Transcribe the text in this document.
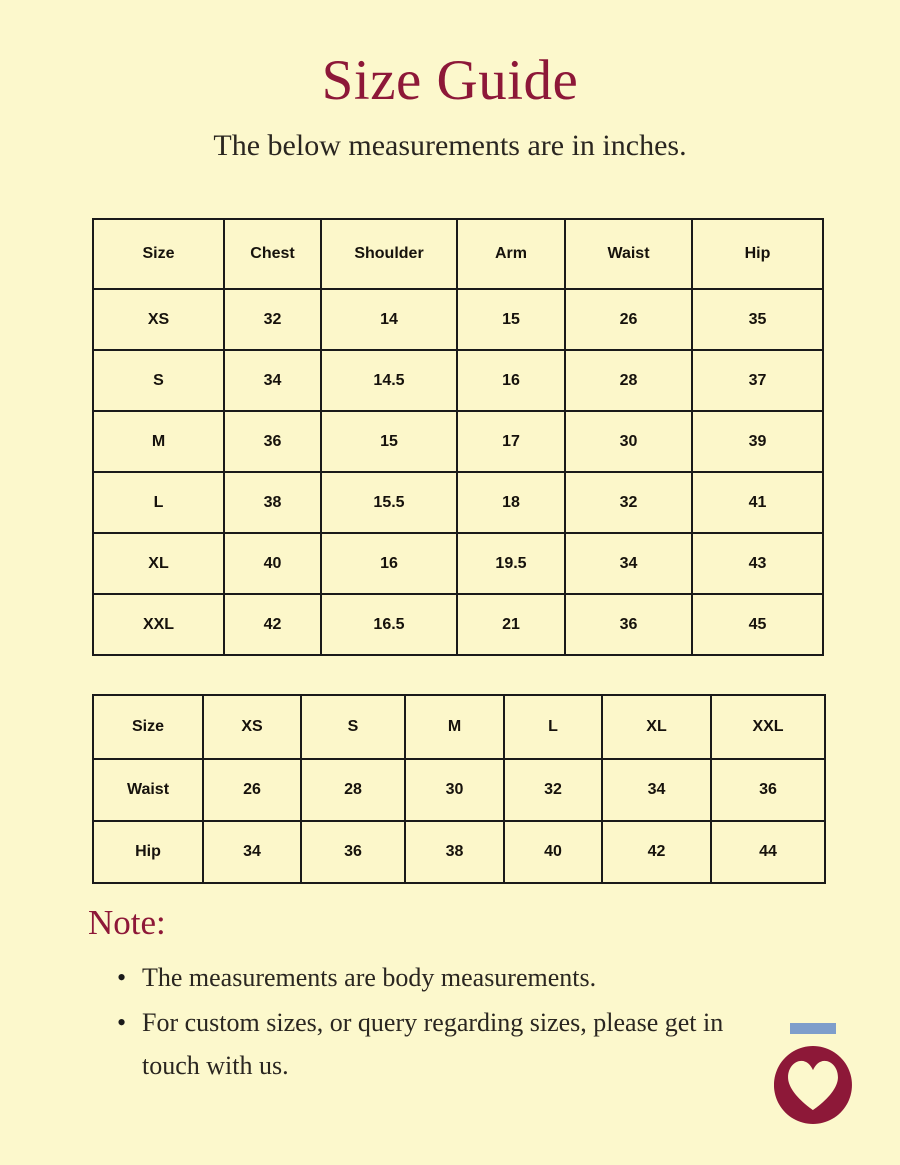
Size Guide

The below measurements are in inches.

Size	Chest	Shoulder	Arm	Waist	Hip
XS	32	14	15	26	35
S	34	14.5	16	28	37
M	36	15	17	30	39
L	38	15.5	18	32	41
XL	40	16	19.5	34	43
XXL	42	16.5	21	36	45
Size	XS	S	M	L	XL	XXL
Waist	26	28	30	32	34	36
Hip	34	36	38	40	42	44
Note:
• The measurements are body measurements.
• For custom sizes, or query regarding sizes, please get in touch with us.
